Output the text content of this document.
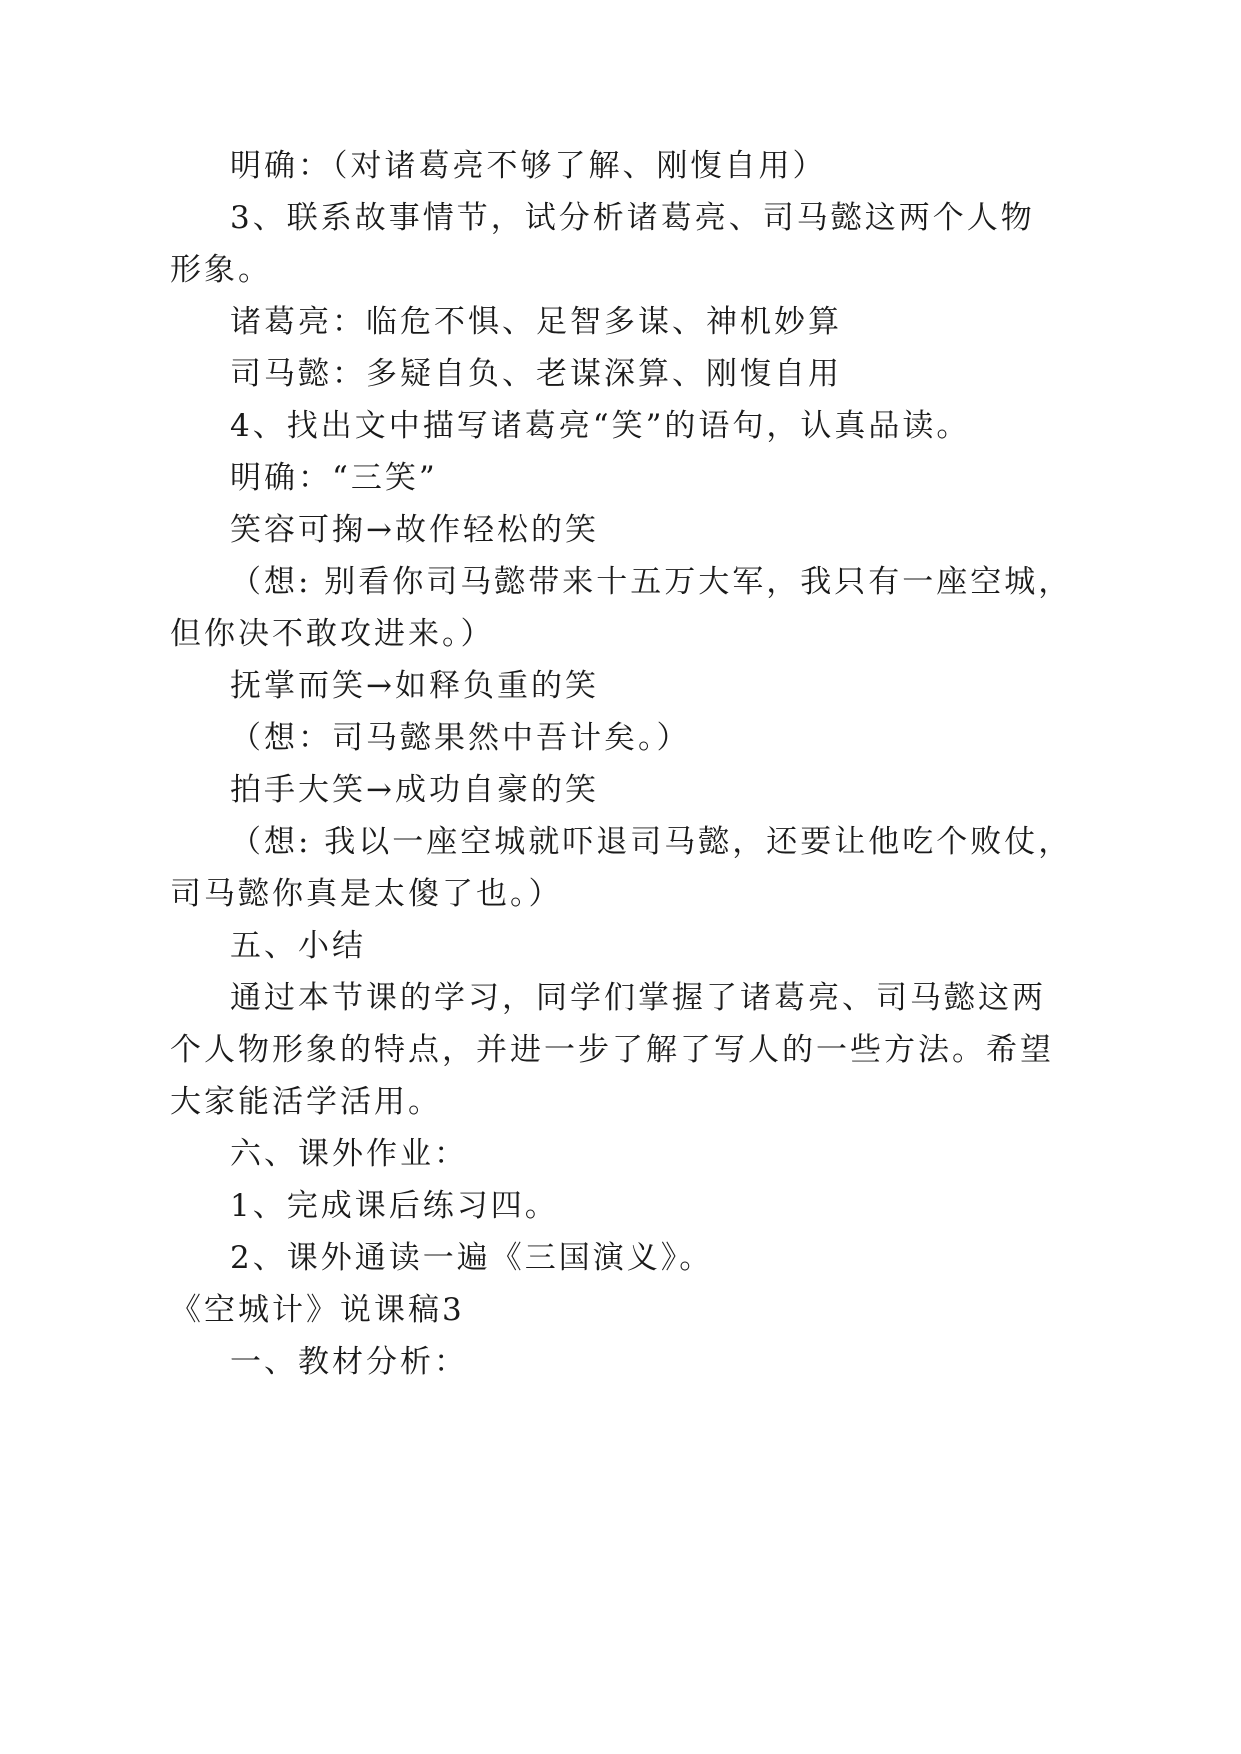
明确：（对诸葛亮不够了解、刚愎自用）
3、联系故事情节，试分析诸葛亮、司马懿这两个人物
形象。
诸葛亮：临危不惧、足智多谋、神机妙算
司马懿：多疑自负、老谋深算、刚愎自用
4、找出文中描写诸葛亮“笑”的语句，认真品读。
明确：“三笑”
笑容可掬→故作轻松的笑
（想: 别看你司马懿带来十五万大军，我只有一座空城，
但你决不敢攻进来。）
抚掌而笑→如释负重的笑
（想：司马懿果然中吾计矣。）
拍手大笑→成功自豪的笑
（想: 我以一座空城就吓退司马懿，还要让他吃个败仗，
司马懿你真是太傻了也。）
五、小结
通过本节课的学习，同学们掌握了诸葛亮、司马懿这两
个人物形象的特点，并进一步了解了写人的一些方法。希望
大家能活学活用。
六、课外作业：
1、完成课后练习四。
2、课外通读一遍《三国演义》。
《空城计》说课稿3
一、教材分析：
